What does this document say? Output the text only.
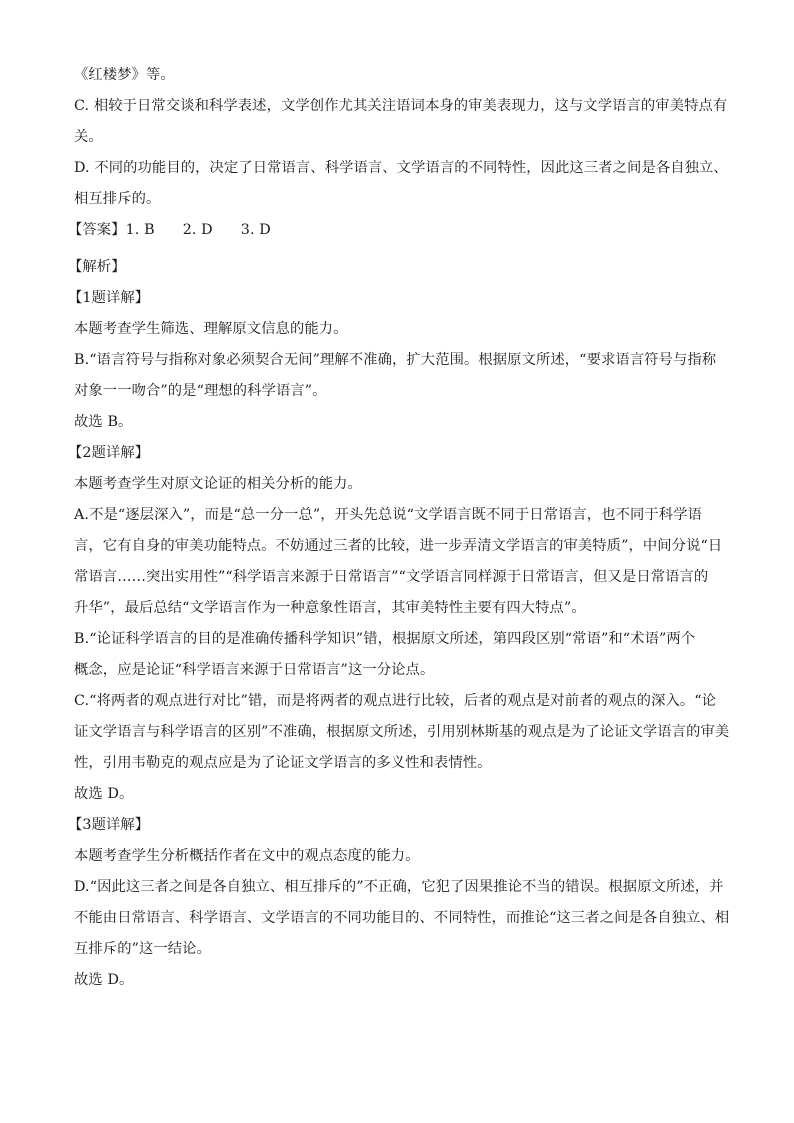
《红楼梦》等。
C. 相较于日常交谈和科学表述，文学创作尤其关注语词本身的审美表现力，这与文学语言的审美特点有
关。
D. 不同的功能目的，决定了日常语言、科学语言、文学语言的不同特性，因此这三者之间是各自独立、
相互排斥的。
【答案】1. B 2. D 3. D
【解析】
【1题详解】
本题考查学生筛选、理解原文信息的能力。
B.“语言符号与指称对象必须契合无间”理解不准确，扩大范围。根据原文所述，“要求语言符号与指称
对象一一吻合”的是“理想的科学语言”。
故选 B。
【2题详解】
本题考查学生对原文论证的相关分析的能力。
A.不是“逐层深入”，而是“总一分一总”，开头先总说“文学语言既不同于日常语言，也不同于科学语
言，它有自身的审美功能特点。不妨通过三者的比较，进一步弄清文学语言的审美特质”，中间分说“日
常语言……突出实用性”“科学语言来源于日常语言”“文学语言同样源于日常语言，但又是日常语言的
升华”，最后总结“文学语言作为一种意象性语言，其审美特性主要有四大特点”。
B.“论证科学语言的目的是准确传播科学知识”错，根据原文所述，第四段区别“常语”和“术语”两个
概念，应是论证“科学语言来源于日常语言”这一分论点。
C.“将两者的观点进行对比”错，而是将两者的观点进行比较，后者的观点是对前者的观点的深入。“论
证文学语言与科学语言的区别”不准确，根据原文所述，引用别林斯基的观点是为了论证文学语言的审美
性，引用韦勒克的观点应是为了论证文学语言的多义性和表情性。
故选 D。
【3题详解】
本题考查学生分析概括作者在文中的观点态度的能力。
D.“因此这三者之间是各自独立、相互排斥的”不正确，它犯了因果推论不当的错误。根据原文所述，并
不能由日常语言、科学语言、文学语言的不同功能目的、不同特性，而推论“这三者之间是各自独立、相
互排斥的”这一结论。
故选 D。
